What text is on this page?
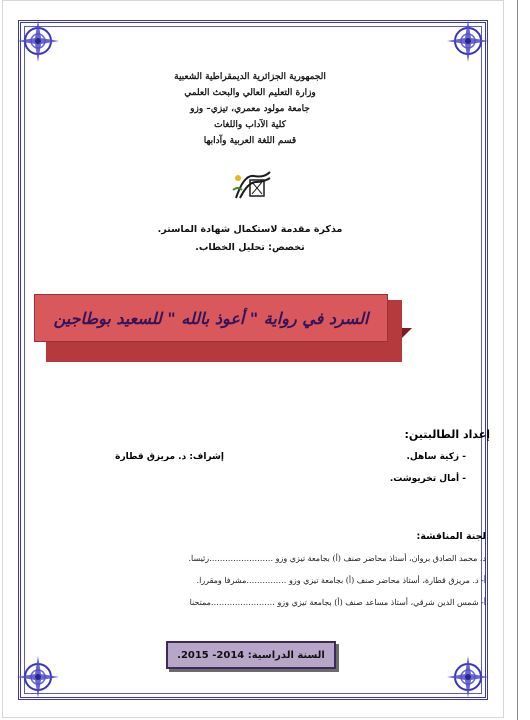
الجمهورية الجزائرية الديمقراطية الشعبية
وزارة التعليم العالي والبحث العلمي
جامعة مولود معمري، تيزي– وزو
كلية الآداب واللغات
قسم اللغة العربية وآدابها
مذكرة مقدمة لاستكمال شهادة الماستر.
تخصص: تحليل الخطاب.
السرد في رواية " أعوذ بالله " للسعيد بوطاجين
إعداد الطالبتين:
- زكية ساهل.
إشراف: د. مريزق قطارة
- أمال تخريوشت.
لجنة المناقشة:
د. محمد الصادق بروان، أستاذ محاضر صنف (أ) بجامعة تيزي وزو ……………………رئيسا.
أ- د. مريزق قطارة، أستاذ محاضر صنف (أ) بجامعة تيزي وزو ……………مشرفا ومقررا.
أ- شمس الدين شرقي، أستاذ مساعد صنف (أ) بجامعة تيزي وزو ……………………ممتحنا
السنة الدراسية: 2014- 2015.
